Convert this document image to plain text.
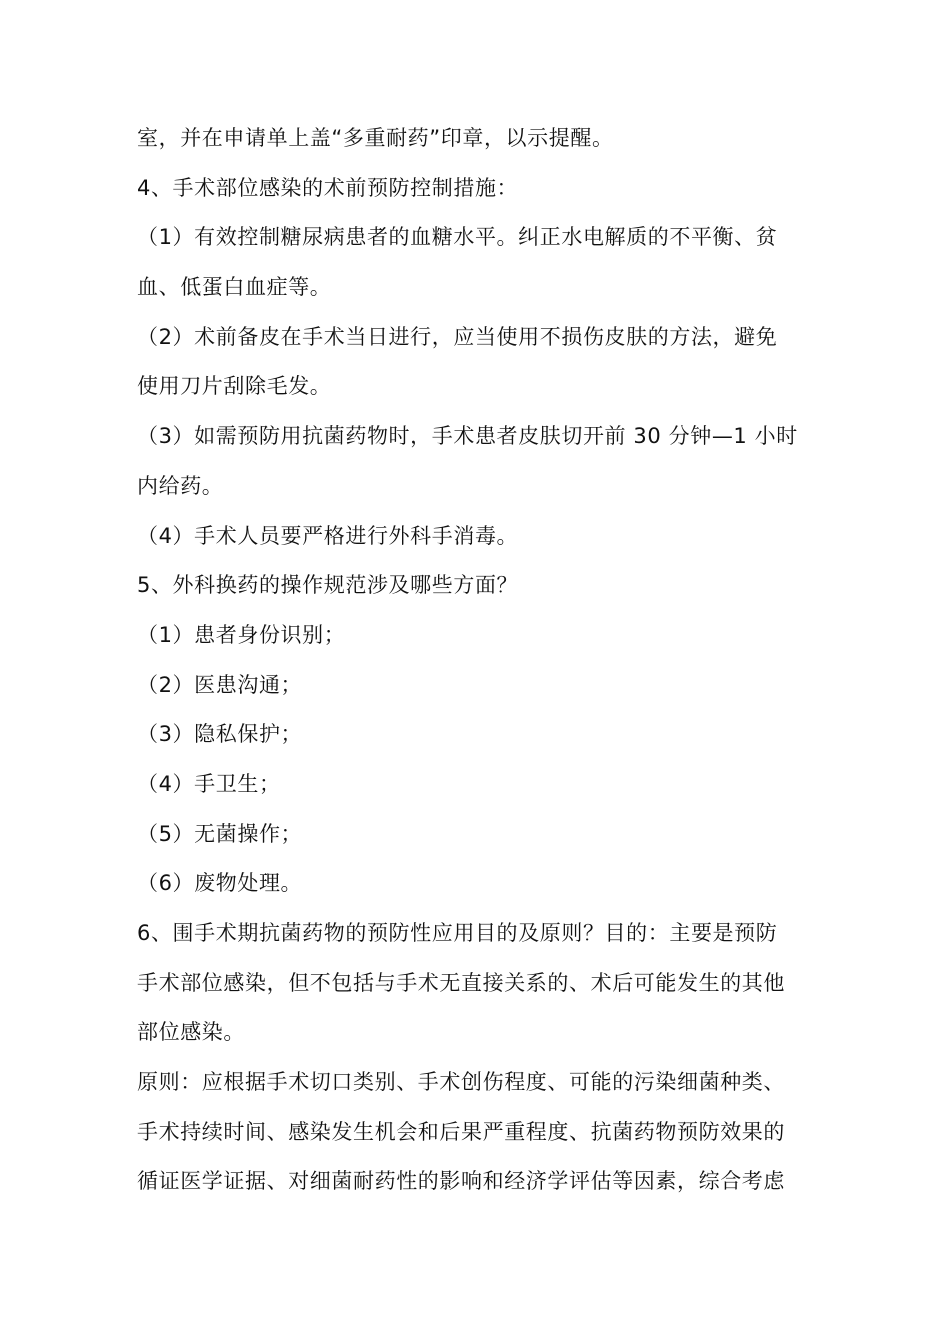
室，并在申请单上盖“多重耐药”印章，以示提醒。
4、手术部位感染的术前预防控制措施：
（1）有效控制糖尿病患者的血糖水平。纠正水电解质的不平衡、贫
血、低蛋白血症等。
（2）术前备皮在手术当日进行，应当使用不损伤皮肤的方法，避免
使用刀片刮除毛发。
（3）如需预防用抗菌药物时，手术患者皮肤切开前 30 分钟—1 小时
内给药。
（4）手术人员要严格进行外科手消毒。
5、外科换药的操作规范涉及哪些方面？
（1）患者身份识别；
（2）医患沟通；
（3）隐私保护；
（4）手卫生；
（5）无菌操作；
（6）废物处理。
6、围手术期抗菌药物的预防性应用目的及原则？目的：主要是预防
手术部位感染，但不包括与手术无直接关系的、术后可能发生的其他
部位感染。
原则：应根据手术切口类别、手术创伤程度、可能的污染细菌种类、
手术持续时间、感染发生机会和后果严重程度、抗菌药物预防效果的
循证医学证据、对细菌耐药性的影响和经济学评估等因素，综合考虑
